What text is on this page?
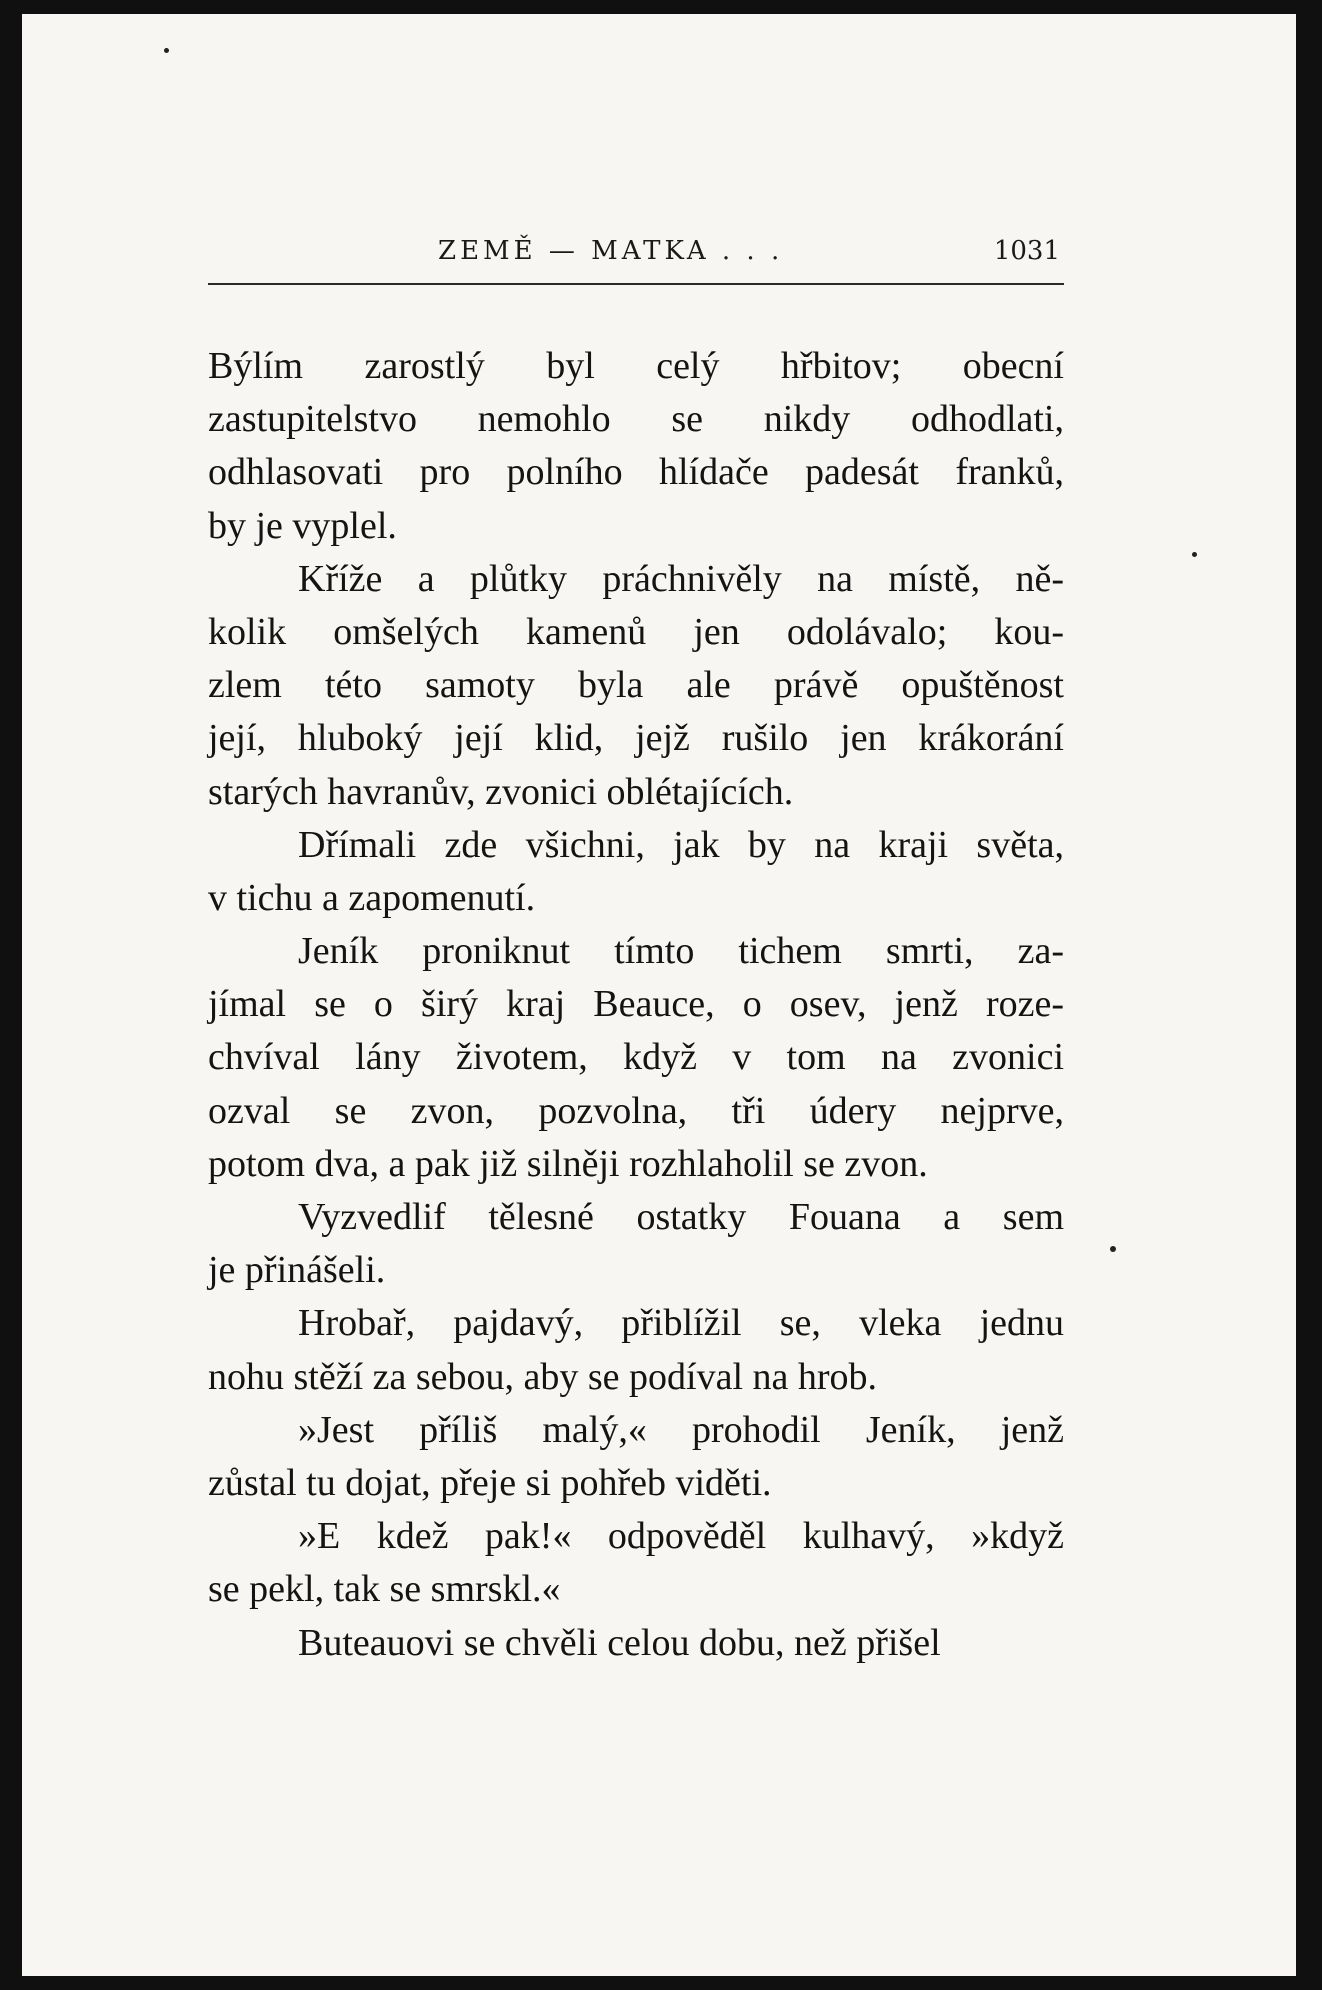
ZEMĚ — MATKA . . .	1031
Býlím zarostlý byl celý hřbitov; obecní
zastupitelstvo nemohlo se nikdy odhodlati,
odhlasovati pro polního hlídače padesát franků,
by je vyplel.
Kříže a plůtky práchnivěly na místě, ně-
kolik omšelých kamenů jen odolávalo; kou-
zlem této samoty byla ale právě opuštěnost
její, hluboký její klid, jejž rušilo jen krákorání
starých havranův, zvonici oblétajících.
Dřímali zde všichni, jak by na kraji světa,
v tichu a zapomenutí.
Jeník proniknut tímto tichem smrti, za-
jímal se o širý kraj Beauce, o osev, jenž roze-
chvíval lány životem, když v tom na zvonici
ozval se zvon, pozvolna, tři údery nejprve,
potom dva, a pak již silněji rozhlaholil se zvon.
Vyzvedlif tělesné ostatky Fouana a sem
je přinášeli.
Hrobař, pajdavý, přiblížil se, vleka jednu
nohu stěží za sebou, aby se podíval na hrob.
»Jest příliš malý,« prohodil Jeník, jenž
zůstal tu dojat, přeje si pohřeb viděti.
»E kdež pak!« odpověděl kulhavý, »když
se pekl, tak se smrskl.«
Buteauovi se chvěli celou dobu, než přišel
